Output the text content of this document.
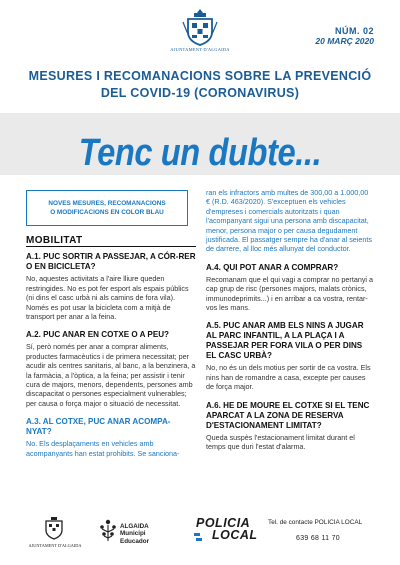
AJUNTAMENT D'ALGAIDA
NÚM. 02
20 MARÇ 2020
MESURES I RECOMANACIONS SOBRE LA PREVENCIÓ
DEL COVID-19 (CORONAVIRUS)
Tenc un dubte...
NOVES MESURES, RECOMANACIONS
O MODIFICACIONS EN COLOR BLAU
MOBILITAT
A.1. PUC SORTIR A PASSEJAR, A CÓR-RER O EN BICICLETA?
No, aquestes activitats a l'aire lliure queden restringides. No es pot fer esport als espais públics (ni dins el casc urbà ni als camins de fora vila). Només es pot usar la bicicleta com a mitjà de transport per anar a la feina.
A.2. PUC ANAR EN COTXE O A PEU?
Sí, però només per anar a comprar aliments, productes farmacèutics i de primera necessitat; per acudir als centres sanitaris, al banc, a la benzinera, a la farmàcia, a l'òptica, a la feina; per assistir i tenir cura de majors, menors, dependents, persones amb discapacitat o persones especialment vulnerables; per causa o força major o situació de necessitat.
A.3. AL COTXE, PUC ANAR ACOMPA-NYAT?
No. Els desplaçaments en vehicles amb acompanyants han estat prohibits. Se sanciona-
ran els infractors amb multes de 300,00 a 1.000,00 € (R.D. 463/2020). S'exceptuen els vehicles d'empreses i comercials autoritzats i quan l'acompanyant sigui una persona amb discapacitat, menor, persona major o per causa degudament justificada. El passatger sempre ha d'anar al seients de darrere, al lloc més allunyat del conductor.
A.4. QUI POT ANAR A COMPRAR?
Recomanam que el qui vagi a comprar no pertanyi a cap grup de risc (persones majors, malats crònics, immunodeprimits...) i en arribar a ca vostra, rentar-vos les mans.
A.5. PUC ANAR AMB ELS NINS A JUGAR AL PARC INFANTIL, A LA PLAÇA I A PASSEJAR PER FORA VILA O PER DINS EL CASC URBÀ?
No, no és un dels motius per sortir de ca vostra. Els nins han de romandre a casa, excepte per causes de força major.
A.6. HE DE MOURE EL COTXE SI EL TENC APARCAT A LA ZONA DE RESERVA D'ESTACIONAMENT LIMITAT?
Queda suspès l'estacionament limitat durant el temps que duri l'estat d'alarma.
AJUNTAMENT D'ALGAIDA
ALGAIDA
Municipi
Educador
POLICIA
LOCAL
Tel. de contacte POLICIA LOCAL
639 68 11 70
